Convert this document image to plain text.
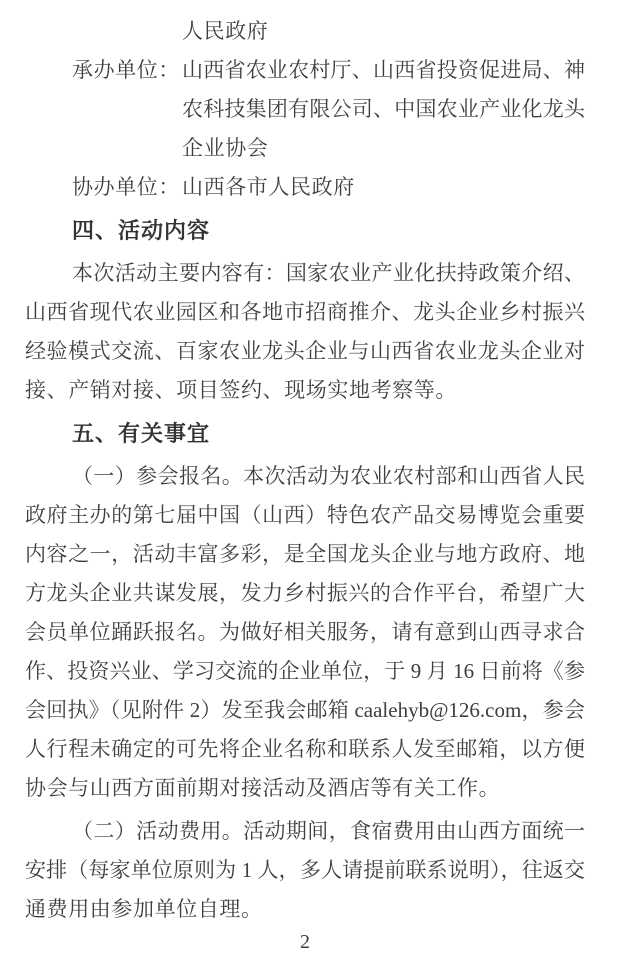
人民政府
承办单位： 山西省农业农村厅、山西省投资促进局、神
农科技集团有限公司、中国农业产业化龙头
企业协会
协办单位： 山西各市人民政府
四、活动内容
本次活动主要内容有：国家农业产业化扶持政策介绍、
山西省现代农业园区和各地市招商推介、龙头企业乡村振兴
经验模式交流、百家农业龙头企业与山西省农业龙头企业对
接、产销对接、项目签约、现场实地考察等。
五、有关事宜
（一）参会报名。本次活动为农业农村部和山西省人民
政府主办的第七届中国（山西）特色农产品交易博览会重要
内容之一，活动丰富多彩，是全国龙头企业与地方政府、地
方龙头企业共谋发展，发力乡村振兴的合作平台，希望广大
会员单位踊跃报名。为做好相关服务，请有意到山西寻求合
作、投资兴业、学习交流的企业单位，于 9 月 16 日前将《参
会回执》（见附件 2）发至我会邮箱 caalehyb@126.com，参会
人行程未确定的可先将企业名称和联系人发至邮箱，以方便
协会与山西方面前期对接活动及酒店等有关工作。
（二）活动费用。活动期间，食宿费用由山西方面统一
安排（每家单位原则为 1 人，多人请提前联系说明），往返交
通费用由参加单位自理。
2
